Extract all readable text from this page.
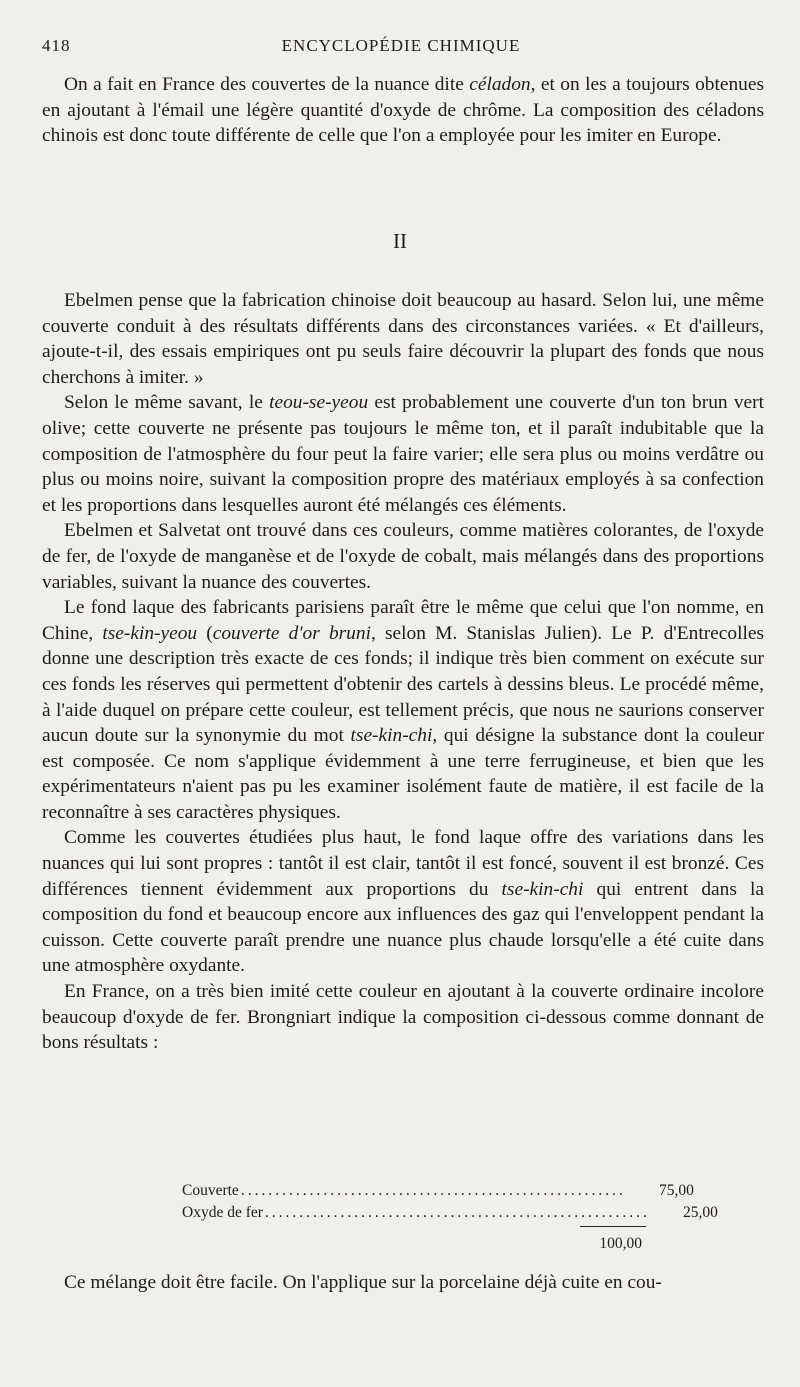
418	ENCYCLOPÉDIE CHIMIQUE

On a fait en France des couvertes de la nuance dite céladon, et on les a toujours obtenues en ajoutant à l'émail une légère quantité d'oxyde de chrôme. La composition des céladons chinois est donc toute différente de celle que l'on a employée pour les imiter en Europe.

II

Ebelmen pense que la fabrication chinoise doit beaucoup au hasard. Selon lui, une même couverte conduit à des résultats différents dans des circonstances variées. « Et d'ailleurs, ajoute-t-il, des essais empiriques ont pu seuls faire découvrir la plupart des fonds que nous cherchons à imiter. »

Selon le même savant, le teou-se-yeou est probablement une couverte d'un ton brun vert olive; cette couverte ne présente pas toujours le même ton, et il paraît indubitable que la composition de l'atmosphère du four peut la faire varier; elle sera plus ou moins verdâtre ou plus ou moins noire, suivant la composition propre des matériaux employés à sa confection et les proportions dans lesquelles auront été mélangés ces éléments.

Ebelmen et Salvetat ont trouvé dans ces couleurs, comme matières colorantes, de l'oxyde de fer, de l'oxyde de manganèse et de l'oxyde de cobalt, mais mélangés dans des proportions variables, suivant la nuance des couvertes.

Le fond laque des fabricants parisiens paraît être le même que celui que l'on nomme, en Chine, tse-kin-yeou (couverte d'or bruni, selon M. Stanislas Julien). Le P. d'Entrecolles donne une description très exacte de ces fonds; il indique très bien comment on exécute sur ces fonds les réserves qui permettent d'obtenir des cartels à dessins bleus. Le procédé même, à l'aide duquel on prépare cette couleur, est tellement précis, que nous ne saurions conserver aucun doute sur la synonymie du mot tse-kin-chi, qui désigne la substance dont la couleur est composée. Ce nom s'applique évidemment à une terre ferrugineuse, et bien que les expérimentateurs n'aient pas pu les examiner isolément faute de matière, il est facile de la reconnaître à ses caractères physiques.

Comme les couvertes étudiées plus haut, le fond laque offre des variations dans les nuances qui lui sont propres : tantôt il est clair, tantôt il est foncé, souvent il est bronzé. Ces différences tiennent évidemment aux proportions du tse-kin-chi qui entrent dans la composition du fond et beaucoup encore aux influences des gaz qui l'enveloppent pendant la cuisson. Cette couverte paraît prendre une nuance plus chaude lorsqu'elle a été cuite dans une atmosphère oxydante.

En France, on a très bien imité cette couleur en ajoutant à la couverte ordinaire incolore beaucoup d'oxyde de fer. Brongniart indique la composition ci-dessous comme donnant de bons résultats :

Couverte ........................................................	75,00
Oxyde de fer ........................................................	25,00
100,00

Ce mélange doit être facile. On l'applique sur la porcelaine déjà cuite en cou-
